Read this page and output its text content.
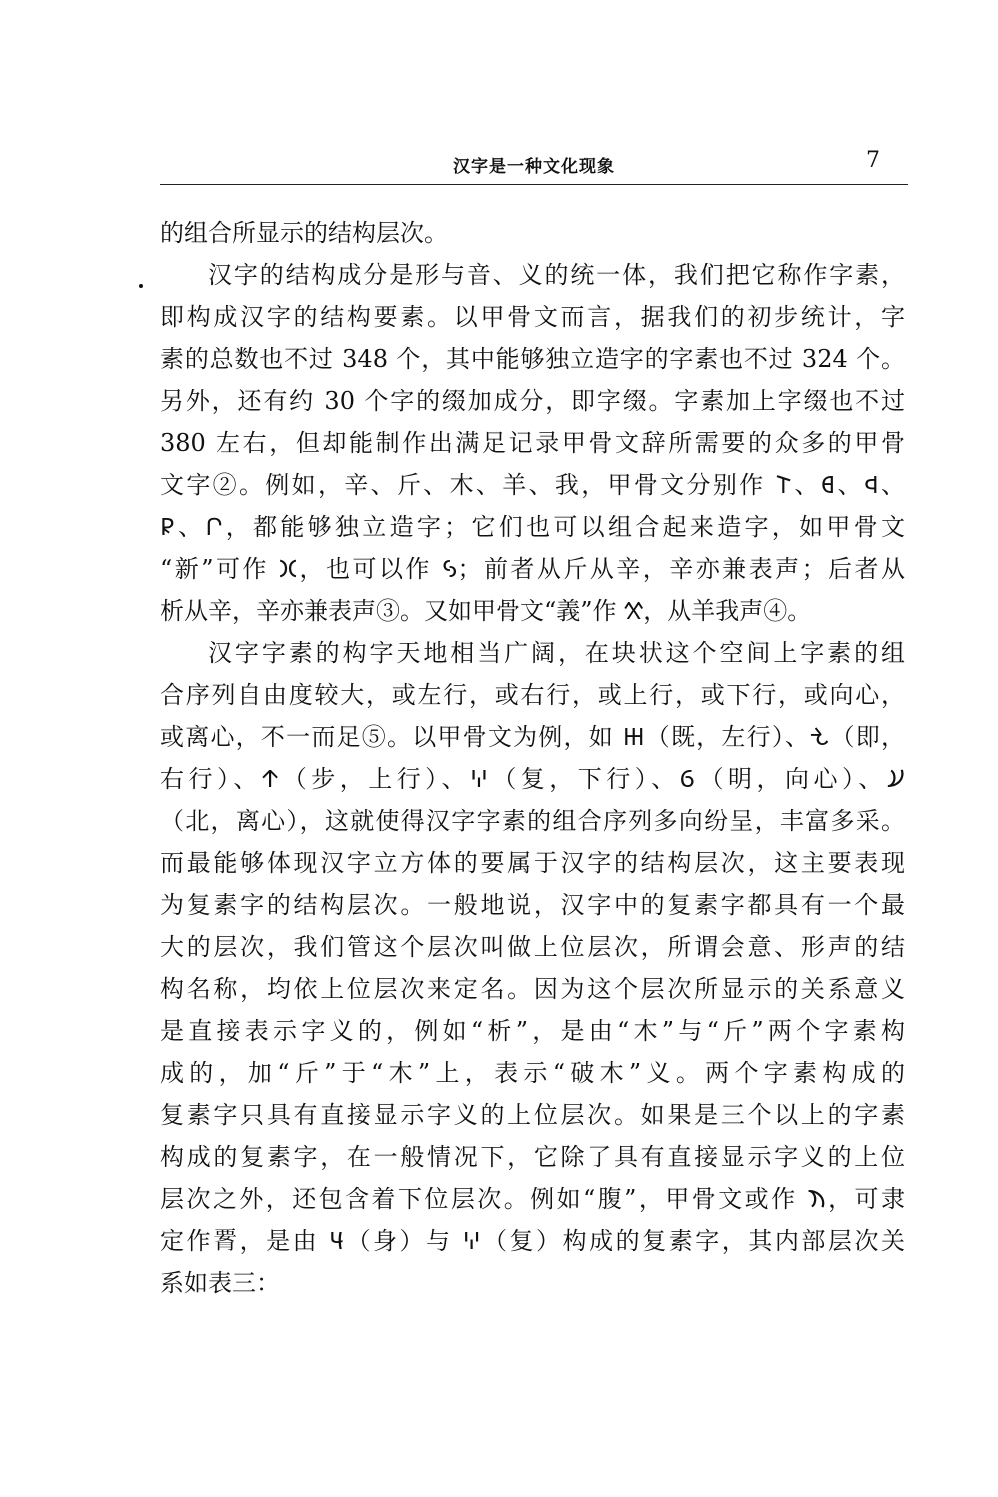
汉字是一种文化现象	7
的组合所显示的结构层次。
汉字的结构成分是形与音、义的统一体，我们把它称作字素，
即构成汉字的结构要素。以甲骨文而言，据我们的初步统计，字
素的总数也不过 348 个，其中能够独立造字的字素也不过 324 个。
另外，还有约 30 个字的缀加成分，即字缀。字素加上字缀也不过
380 左右，但却能制作出满足记录甲骨文辞所需要的众多的甲骨
文字②。例如，辛、斤、木、羊、我，甲骨文分别作 𐌕、𐊹、𐊮、
𐊯、𐊬，都能够独立造字；它们也可以组合起来造字，如甲骨文
“新”可作 𐋂，也可以作 𐋃；前者从斤从辛，辛亦兼表声；后者从
析从辛，辛亦兼表声③。又如甲骨文“義”作 𐋄，从羊我声④。
汉字字素的构字天地相当广阔，在块状这个空间上字素的组
合序列自由度较大，或左行，或右行，或上行，或下行，或向心，
或离心，不一而足⑤。以甲骨文为例，如 𐋅（既，左行）、𐋆（即，
右行）、𐋇（步，上行）、𐋈（复，下行）、𐋉（明，向心）、𐋊
（北，离心），这就使得汉字字素的组合序列多向纷呈，丰富多采。
而最能够体现汉字立方体的要属于汉字的结构层次，这主要表现
为复素字的结构层次。一般地说，汉字中的复素字都具有一个最
大的层次，我们管这个层次叫做上位层次，所谓会意、形声的结
构名称，均依上位层次来定名。因为这个层次所显示的关系意义
是直接表示字义的，例如“析”，是由“木”与“斤”两个字素构
成的，加“斤”于“木”上，表示“破木”义。两个字素构成的
复素字只具有直接显示字义的上位层次。如果是三个以上的字素
构成的复素字，在一般情况下，它除了具有直接显示字义的上位
层次之外，还包含着下位层次。例如“腹”，甲骨文或作 𐋋，可隶
定作𦝫，是由 𐋌（身）与 𐋈（复）构成的复素字，其内部层次关
系如表三：
